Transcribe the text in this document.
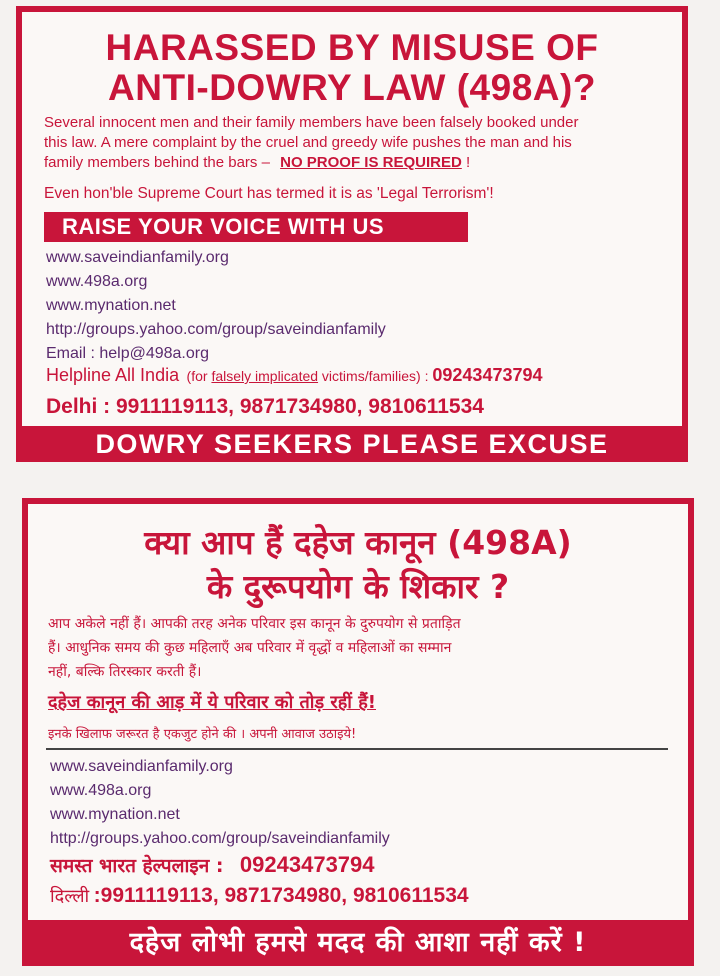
HARASSED BY MISUSE OF
ANTI-DOWRY LAW (498A)?
Several innocent men and their family members have been falsely booked under
this law. A mere complaint by the cruel and greedy wife pushes the man and his
family members behind the bars – NO PROOF IS REQUIRED !
Even hon'ble Supreme Court has termed it is as 'Legal Terrorism'!
RAISE YOUR VOICE WITH US
www.saveindianfamily.org
www.498a.org
www.mynation.net
http://groups.yahoo.com/group/saveindianfamily
Email : help@498a.org
Helpline All India (for falsely implicated victims/families) : 09243473794
Delhi : 9911119113, 9871734980, 9810611534
DOWRY SEEKERS PLEASE EXCUSE
क्या आप हैं दहेज कानून (498A)
के दुरूपयोग के शिकार ?
आप अकेले नहीं हैं। आपकी तरह अनेक परिवार इस कानून के दुरुपयोग से प्रताड़ित
हैं। आधुनिक समय की कुछ महिलाएँ अब परिवार में वृद्धों व महिलाओं का सम्मान
नहीं, बल्कि तिरस्कार करती हैं।
दहेज कानून की आड़ में ये परिवार को तोड़ रहीं हैं!
इनके खिलाफ जरूरत है एकजुट होने की । अपनी आवाज उठाइये!
www.saveindianfamily.org
www.498a.org
www.mynation.net
http://groups.yahoo.com/group/saveindianfamily
समस्त भारत हेल्पलाइन : 09243473794
दिल्ली :9911119113, 9871734980, 9810611534
दहेज लोभी हमसे मदद की आशा नहीं करें !
